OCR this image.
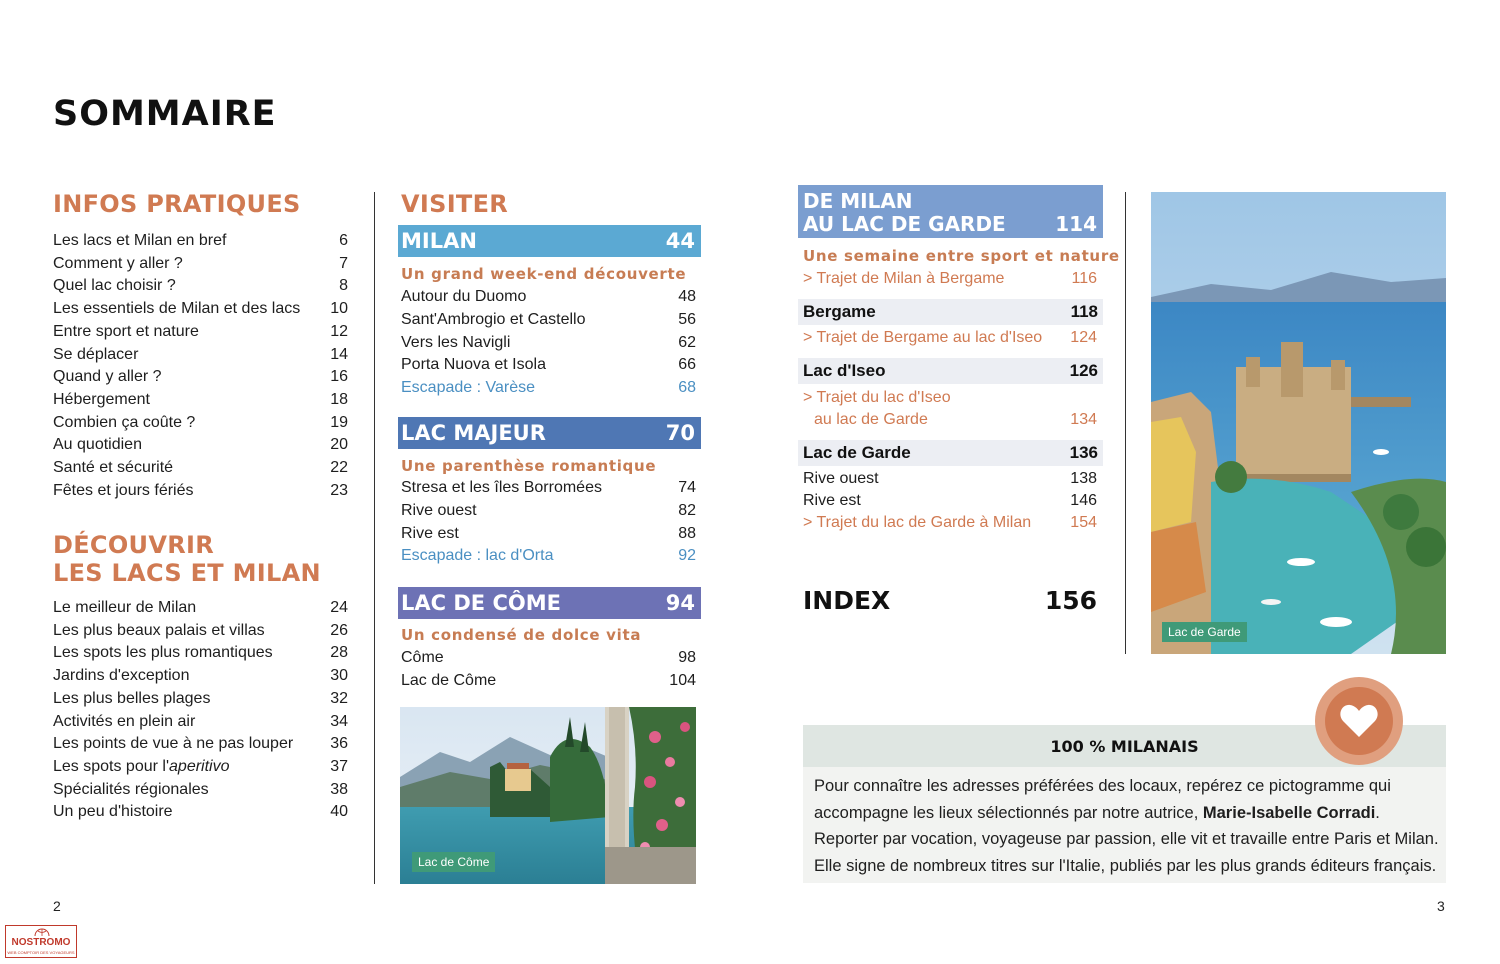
SOMMAIRE
INFOS PRATIQUES
Les lacs et Milan en bref	6
Comment y aller ?	7
Quel lac choisir ?	8
Les essentiels de Milan et des lacs 10
Entre sport et nature	12
Se déplacer	14
Quand y aller ?	16
Hébergement	18
Combien ça coûte ?	19
Au quotidien	20
Santé et sécurité	22
Fêtes et jours fériés	23
DÉCOUVRIR
LES LACS ET MILAN
Le meilleur de Milan	24
Les plus beaux palais et villas	26
Les spots les plus romantiques	28
Jardins d'exception	30
Les plus belles plages	32
Activités en plein air	34
Les points de vue à ne pas louper 36
Les spots pour l'aperitivo	37
Spécialités régionales	38
Un peu d'histoire	40
VISITER
MILAN	44
Un grand week-end découverte
Autour du Duomo	48
Sant'Ambrogio et Castello	56
Vers les Navigli	62
Porta Nuova et Isola	66
Escapade : Varèse	68
LAC MAJEUR	70
Une parenthèse romantique
Stresa et les îles Borromées	74
Rive ouest	82
Rive est	88
Escapade : lac d'Orta	92
LAC DE CÔME	94
Un condensé de dolce vita
Côme	98
Lac de Côme	104
Lac de Côme
DE MILAN
AU LAC DE GARDE 114
Une semaine entre sport et nature
> Trajet de Milan à Bergame	116
Bergame	118
> Trajet de Bergame au lac d'Iseo 124
Lac d'Iseo	126
> Trajet du lac d'Iseo
au lac de Garde	134
Lac de Garde	136
Rive ouest	138
Rive est	146
> Trajet du lac de Garde à Milan 154
INDEX	156
Lac de Garde
100 % MILANAIS
Pour connaître les adresses préférées des locaux, repérez ce pictogramme qui accompagne les lieux sélectionnés par notre autrice, Marie-Isabelle Corradi. Reporter par vocation, voyageuse par passion, elle vit et travaille entre Paris et Milan. Elle signe de nombreux titres sur l'Italie, publiés par les plus grands éditeurs français.
2	3
NOSTROMO
WEB COMPTOIR DES VOYAGEURS
